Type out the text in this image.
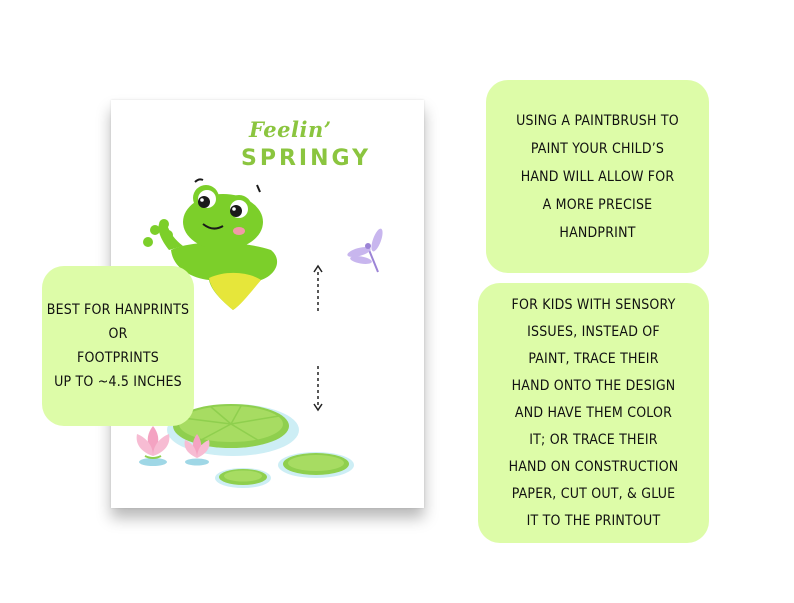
Feelin’
SPRINGY
BEST FOR HANPRINTS
OR
FOOTPRINTS
UP TO ~4.5 INCHES
USING A PAINTBRUSH TO
PAINT YOUR CHILD’S
HAND WILL ALLOW FOR
A MORE PRECISE
HANDPRINT
FOR KIDS WITH SENSORY
ISSUES, INSTEAD OF
PAINT, TRACE THEIR
HAND ONTO THE DESIGN
AND HAVE THEM COLOR
IT; OR TRACE THEIR
HAND ON CONSTRUCTION
PAPER, CUT OUT, & GLUE
IT TO THE PRINTOUT
